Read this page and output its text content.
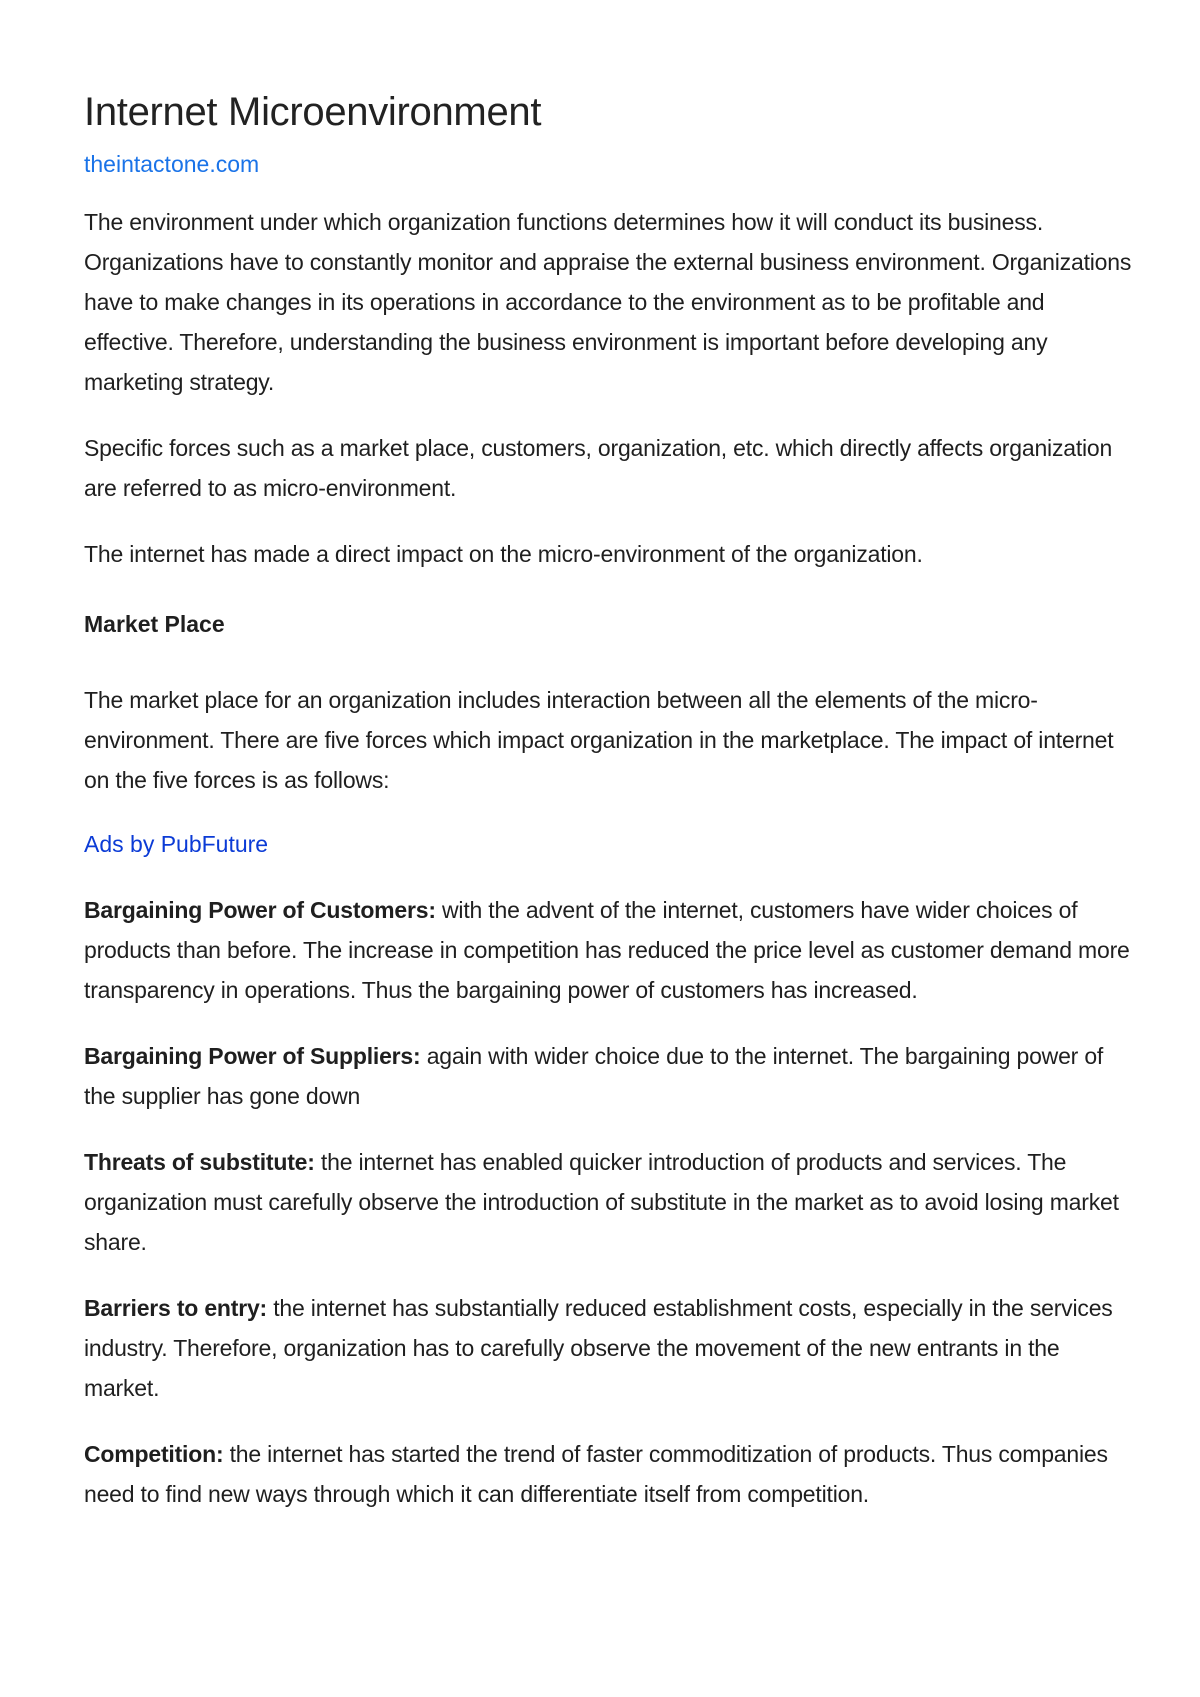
Internet Microenvironment
theintactone.com

The environment under which organization functions determines how it will conduct its business. Organizations have to constantly monitor and appraise the external business environment. Organizations have to make changes in its operations in accordance to the environment as to be profitable and effective. Therefore, understanding the business environment is important before developing any marketing strategy.

Specific forces such as a market place, customers, organization, etc. which directly affects organization are referred to as micro-environment.

The internet has made a direct impact on the micro-environment of the organization.

Market Place

The market place for an organization includes interaction between all the elements of the micro-environment. There are five forces which impact organization in the marketplace. The impact of internet on the five forces is as follows:

Ads by PubFuture

Bargaining Power of Customers: with the advent of the internet, customers have wider choices of products than before. The increase in competition has reduced the price level as customer demand more transparency in operations. Thus the bargaining power of customers has increased.

Bargaining Power of Suppliers: again with wider choice due to the internet. The bargaining power of the supplier has gone down

Threats of substitute: the internet has enabled quicker introduction of products and services. The organization must carefully observe the introduction of substitute in the market as to avoid losing market share.

Barriers to entry: the internet has substantially reduced establishment costs, especially in the services industry. Therefore, organization has to carefully observe the movement of the new entrants in the market.

Competition: the internet has started the trend of faster commoditization of products. Thus companies need to find new ways through which it can differentiate itself from competition.
